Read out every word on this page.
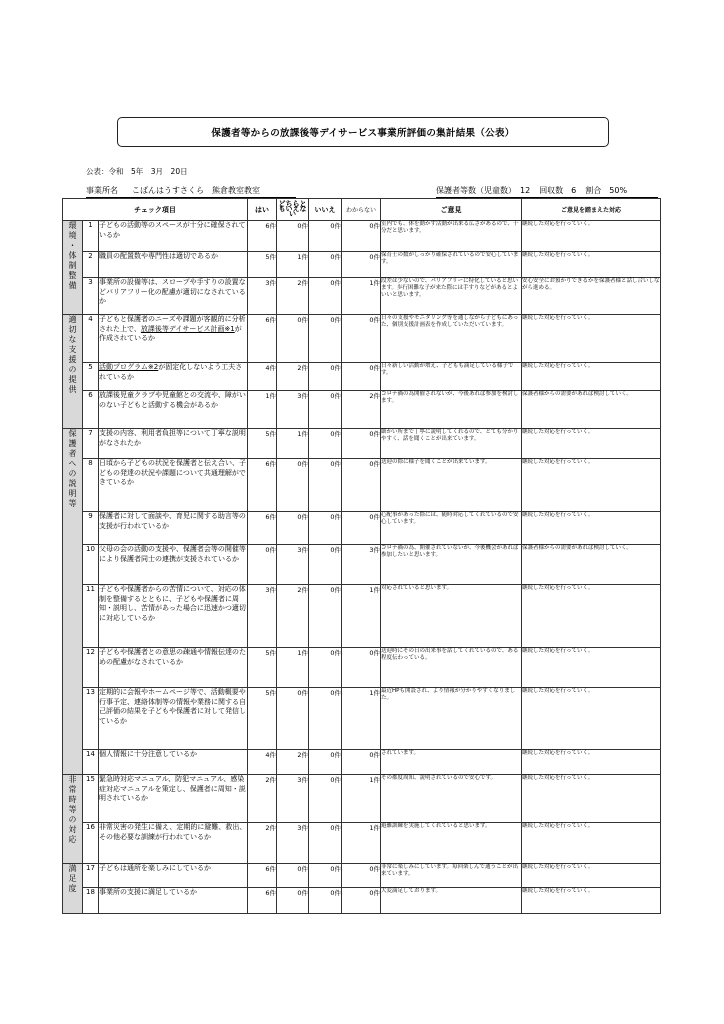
保護者等からの放課後等デイサービス事業所評価の集計結果（公表）
公表：令和　5年　3月　20日
事業所名 こばんはうすさくら　熊倉教室教室	保護者等数（児童数）　12 回収数　6 割合　50%
チェック項目			はい	どちらともいえない	いいえ	わからない	ご意見	ご意見を踏まえた対応
環境・体制整備	1	子どもの活動等のスペースが十分に確保されているか	6件	0件	0件	0件	室内でも、体を動かす活動が出来る広さがあるので、十分だと思います。	継続した対応を行っていく。
	2	職員の配置数や専門性は適切であるか	5件	1件	0件	0件	保育士の数がしっかり確保されているので安心しています。	継続した対応を行っていく。
	3	事業所の設備等は、スロープや手すりの設置などバリアフリー化の配慮が適切になされているか	3件	2件	0件	1件	段差は少ないので、バリアフリーに特化していると思います。歩行困難な子が来た際には手すりなどがあるとよいいと思います。	安心安全にお預かりできるかを保護者様と話し合いしながら進める。
適切な支援の提供	4	子どもと保護者のニーズや課題が客観的に分析された上で、放課後等デイサービス計画※1が作成されているか	6件	0件	0件	0件	日々の支援やモニタリング等を通しながら子どもにあった、個別支援計画表を作成していただいています。	継続した対応を行っていく。
	5	活動プログラム※2が固定化しないよう工夫されているか	4件	2件	0件	0件	日々新しい活動が増え、子どもも満足している様子です。	継続した対応を行っていく。
	6	放課後児童クラブや児童館との交流や、障がいのない子どもと活動する機会があるか	1件	3件	0件	2件	コロナ禍の為開催されないが、今後あれば参加を検討します。	保護者様からの需要があれば検討していく。
保護者への説明等	7	支援の内容、利用者負担等について丁寧な説明がなされたか	5件	1件	0件	0件	細かい所まで丁寧に説明してくれるので、とても分かりやすく、話を聞くことが出来ています。	継続した対応を行っていく。
	8	日頃から子どもの状況を保護者と伝え合い、子どもの発達の状況や課題について共通理解ができているか	6件	0件	0件	0件	送迎の際に様子を聞くことが出来ています。	継続した対応を行っていく。
	9	保護者に対して面談や、育児に関する助言等の支援が行われているか	6件	0件	0件	0件	心配事があった際には、随時対応してくれているので安心しています。	継続した対応を行っていく。
	10	父母の会の活動の支援や、保護者会等の開催等により保護者同士の連携が支援されているか	0件	3件	0件	3件	コロナ禍の為、開催されていないが、今後機会があれば参加したいと思います。	保護者様からの需要があれば検討していく。
	11	子どもや保護者からの苦情について、対応の体制を整備するとともに、子どもや保護者に周知・説明し、苦情があった場合に迅速かつ適切に対応しているか	3件	2件	0件	1件	対応されていると思います。	継続した対応を行っていく。
	12	子どもや保護者との意思の疎通や情報伝達のための配慮がなされているか	5件	1件	0件	0件	送迎時にその日の出来事を話してくれているので、ある程度伝わっている。	継続した対応を行っていく。
	13	定期的に会報やホームページ等で、活動概要や行事予定、連絡体制等の情報や業務に関する自己評価の結果を子どもや保護者に対して発信しているか	5件	0件	0件	1件	最近HPも開設され、より情報が分かりやすくなりました。	継続した対応を行っていく。
	14	個人情報に十分注意しているか	4件	2件	0件	0件	されています。	継続した対応を行っていく。
非常時等の対応	15	緊急時対応マニュアル、防犯マニュアル、感染症対応マニュアルを策定し、保護者に周知・説明されているか	2件	3件	0件	1件	その都度周知、説明されているので安心です。	継続した対応を行っていく。
	16	非常災害の発生に備え、定期的に避難、救出、その他必要な訓練が行われているか	2件	3件	0件	1件	避難訓練を実施してくれていると思います。	継続した対応を行っていく。
満足度	17	子どもは通所を楽しみにしているか	6件	0件	0件	0件	非常に楽しみにしています。毎回楽しんで通うことが出来ています。	継続した対応を行っていく。
	18	事業所の支援に満足しているか	6件	0件	0件	0件	大変満足しております。	継続した対応を行っていく。
